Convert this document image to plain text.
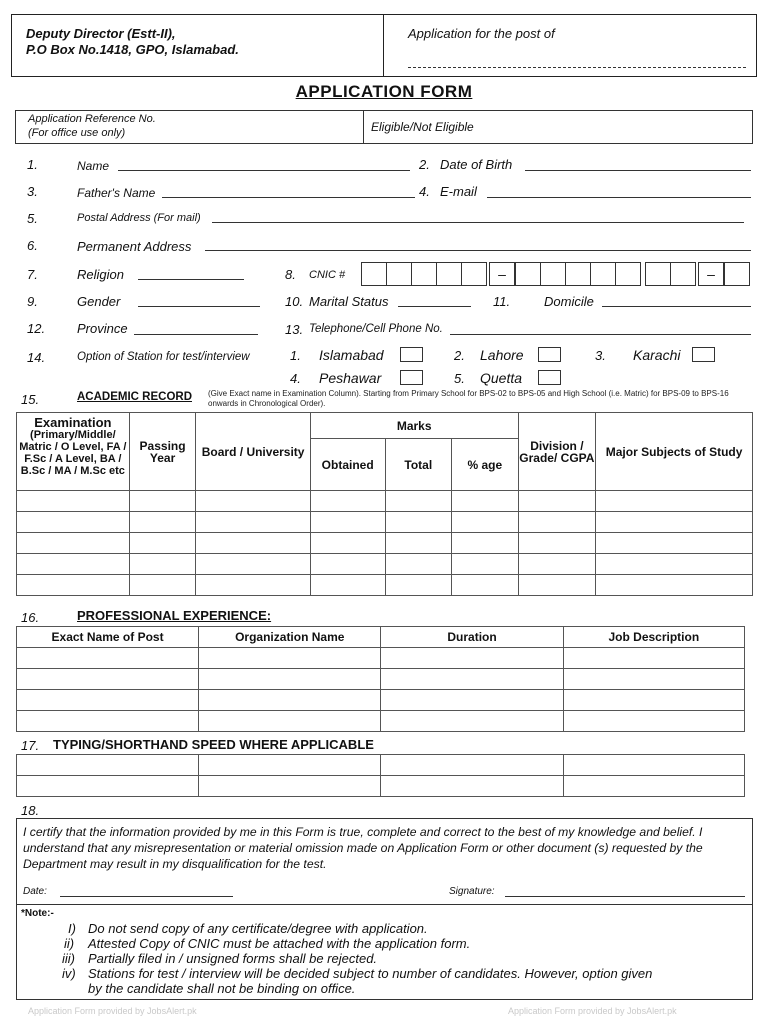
Deputy Director (Estt-II),
P.O Box No.1418, GPO, Islamabad.
Application for the post of
APPLICATION FORM
Application Reference No.
(For office use only)	Eligible/Not Eligible
1.	Name	2. Date of Birth
3.	Father's Name	4. E-mail
5.	Postal Address (For mail)
6.	Permanent Address
7.	Religion	8. CNIC #	–	–
9.	Gender	10. Marital Status	11.	Domicile
12. Province	13. Telephone/Cell Phone No.
14.	Option of Station for test/interview	1. Islamabad	2. Lahore	3. Karachi
4. Peshawar	5. Quetta
15.	ACADEMIC RECORD (Give Exact name in Examination Column). Starting from Primary School for BPS-02 to BPS-05 and High School (i.e. Matric) for BPS-09 to BPS-16 onwards in Chronological Order).
Examination
(Primary/Middle/ Matric / O Level, FA / F.Sc / A Level, BA / B.Sc / MA / M.Sc etc	Passing Year	Board / University	Marks			Division / Grade/ CGPA	Major Subjects of Study
			Obtained	Total	% age		

16.	PROFESSIONAL EXPERIENCE:
Exact Name of Post	Organization Name	Duration	Job Description

17. TYPING/SHORTHAND SPEED WHERE APPLICABLE

18.
I certify that the information provided by me in this Form is true, complete and correct to the best of my knowledge and belief. I understand that any misrepresentation or material omission made on Application Form or other document (s) requested by the Department may result in my disqualification for the test.
Date:	Signature:
*Note:-
I) Do not send copy of any certificate/degree with application.
ii) Attested Copy of CNIC must be attached with the application form.
iii) Partially filed in / unsigned forms shall be rejected.
iv) Stations for test / interview will be decided subject to number of candidates. However, option given
by the candidate shall not be binding on office.
Application Form provided by JobsAlert.pk	Application Form provided by JobsAlert.pk
